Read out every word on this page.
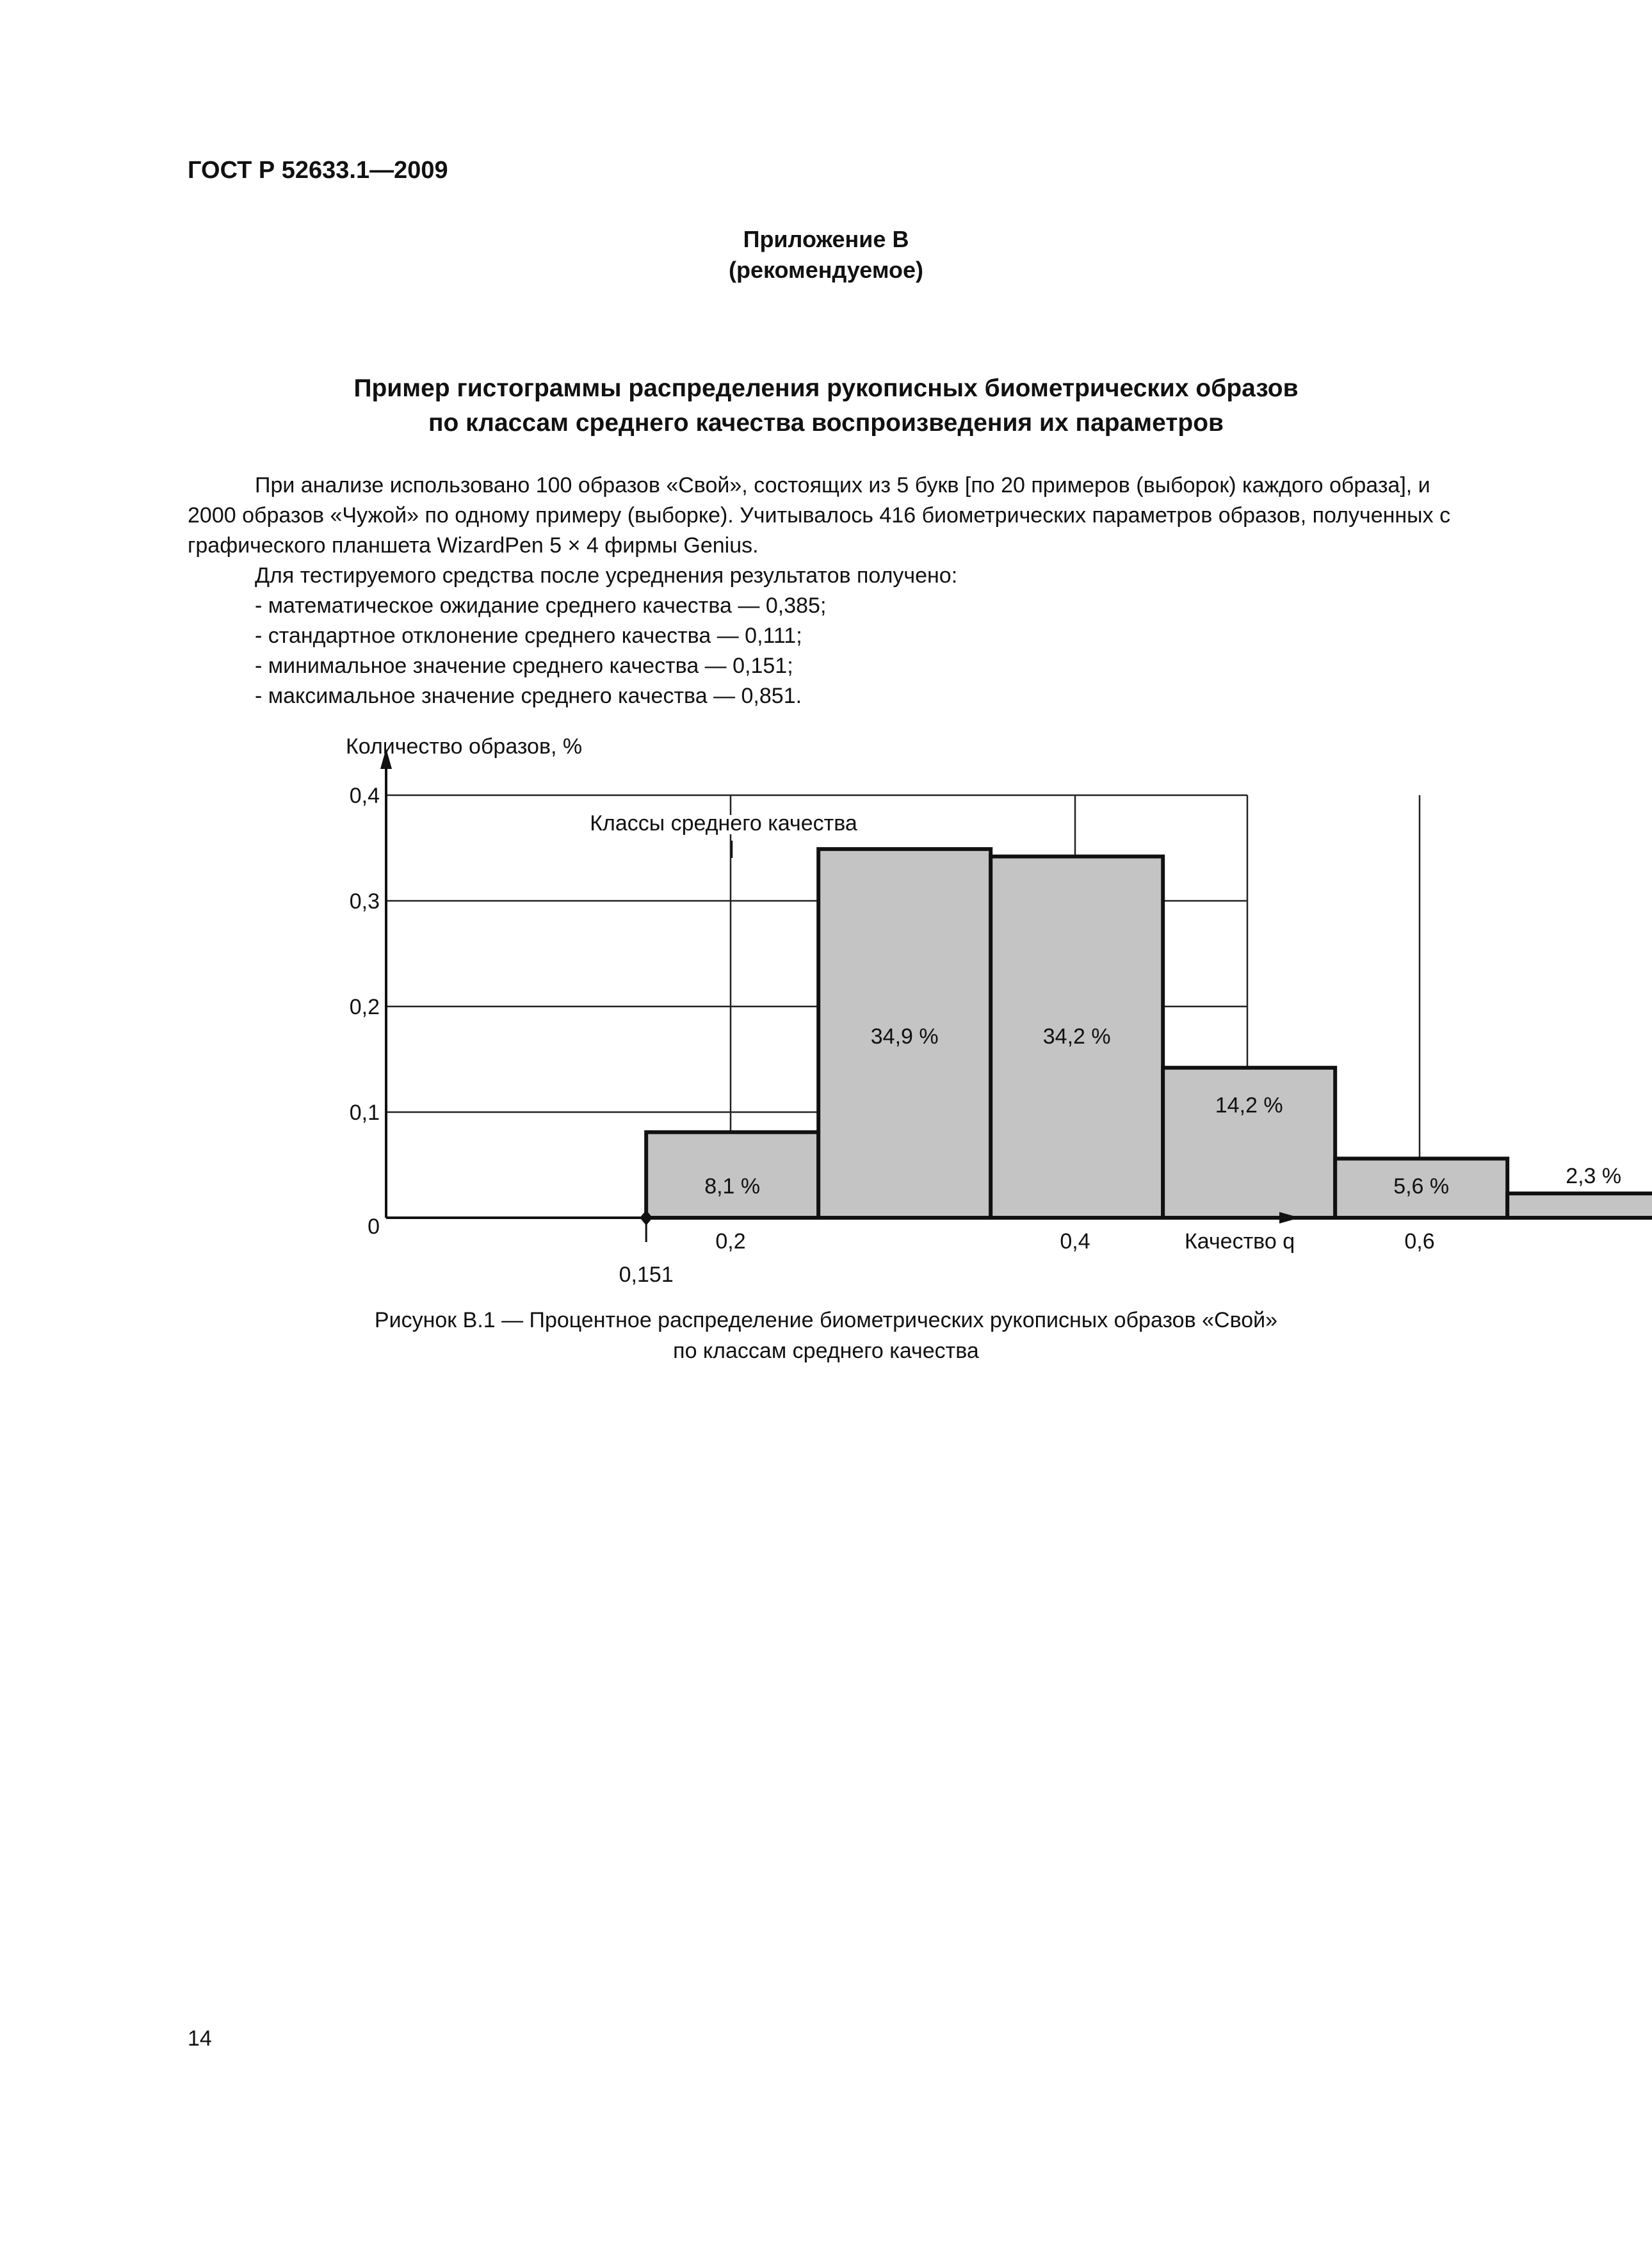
ГОСТ Р 52633.1—2009
Приложение В
(рекомендуемое)
Пример гистограммы распределения рукописных биометрических образов
по классам среднего качества воспроизведения их параметров

При анализе использовано 100 образов «Свой», состоящих из 5 букв [по 20 примеров (выборок) каждого образа], и 2000 образов «Чужой» по одному примеру (выборке). Учитывалось 416 биометрических параметров образов, полученных с графического планшета WizardPen 5 × 4 фирмы Genius.

Для тестируемого средства после усреднения результатов получено:

- математическое ожидание среднего качества — 0,385;

- стандартное отклонение среднего качества — 0,111;

- минимальное значение среднего качества — 0,151;

- максимальное значение среднего качества — 0,851.

8,1 %
34,9 %	34,2 %
14,2 %
5,6 %	2,3 %
0
0,1
0,2
0,3
0,4
0,2	0,4	0,6
Количество образов, %
Качество q
Классы среднего качества
0,151
Рисунок В.1 — Процентное распределение биометрических рукописных образов «Свой»
по классам среднего качества
14
